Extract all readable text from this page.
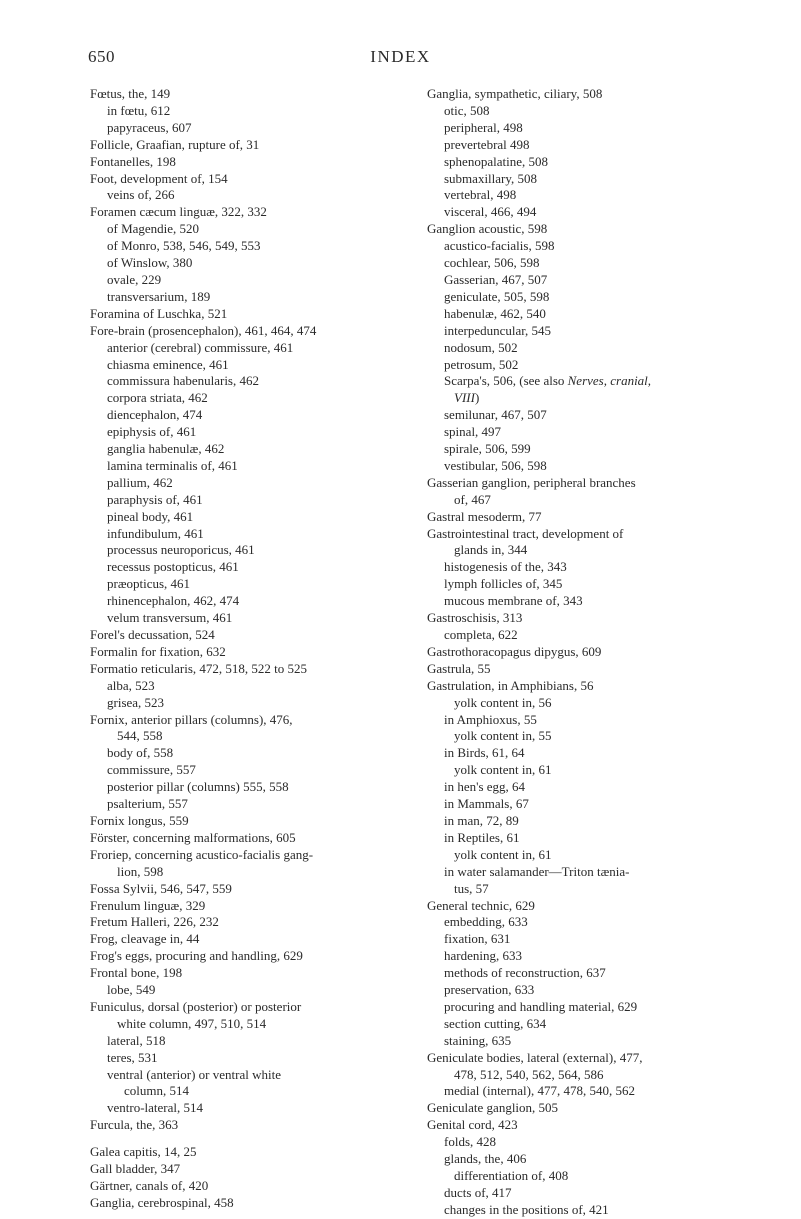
650	INDEX
Fœtus, the, 149
in fœtu, 612
papyraceus, 607
Follicle, Graafian, rupture of, 31
Fontanelles, 198
Foot, development of, 154
veins of, 266
Foramen cæcum linguæ, 322, 332
of Magendie, 520
of Monro, 538, 546, 549, 553
of Winslow, 380
ovale, 229
transversarium, 189
Foramina of Luschka, 521
Fore-brain (prosencephalon), 461, 464, 474
anterior (cerebral) commissure, 461
chiasma eminence, 461
commissura habenularis, 462
corpora striata, 462
diencephalon, 474
epiphysis of, 461
ganglia habenulæ, 462
lamina terminalis of, 461
pallium, 462
paraphysis of, 461
pineal body, 461
infundibulum, 461
processus neuroporicus, 461
recessus postopticus, 461
præopticus, 461
rhinencephalon, 462, 474
velum transversum, 461
Forel's decussation, 524
Formalin for fixation, 632
Formatio reticularis, 472, 518, 522 to 525
alba, 523
grisea, 523
Fornix, anterior pillars (columns), 476,
544, 558
body of, 558
commissure, 557
posterior pillar (columns) 555, 558
psalterium, 557
Fornix longus, 559
Förster, concerning malformations, 605
Froriep, concerning acustico-facialis gang-
lion, 598
Fossa Sylvii, 546, 547, 559
Frenulum linguæ, 329
Fretum Halleri, 226, 232
Frog, cleavage in, 44
Frog's eggs, procuring and handling, 629
Frontal bone, 198
lobe, 549
Funiculus, dorsal (posterior) or posterior
white column, 497, 510, 514
lateral, 518
teres, 531
ventral (anterior) or ventral white
column, 514
ventro-lateral, 514
Furcula, the, 363
Galea capitis, 14, 25
Gall bladder, 347
Gärtner, canals of, 420
Ganglia, cerebrospinal, 458
Ganglia, sympathetic, ciliary, 508
otic, 508
peripheral, 498
prevertebral 498
sphenopalatine, 508
submaxillary, 508
vertebral, 498
visceral, 466, 494
Ganglion acoustic, 598
acustico-facialis, 598
cochlear, 506, 598
Gasserian, 467, 507
geniculate, 505, 598
habenulæ, 462, 540
interpeduncular, 545
nodosum, 502
petrosum, 502
Scarpa's, 506, (see also Nerves, cranial,
VIII)
semilunar, 467, 507
spinal, 497
spirale, 506, 599
vestibular, 506, 598
Gasserian ganglion, peripheral branches
of, 467
Gastral mesoderm, 77
Gastrointestinal tract, development of
glands in, 344
histogenesis of the, 343
lymph follicles of, 345
mucous membrane of, 343
Gastroschisis, 313
completa, 622
Gastrothoracopagus dipygus, 609
Gastrula, 55
Gastrulation, in Amphibians, 56
yolk content in, 56
in Amphioxus, 55
yolk content in, 55
in Birds, 61, 64
yolk content in, 61
in hen's egg, 64
in Mammals, 67
in man, 72, 89
in Reptiles, 61
yolk content in, 61
in water salamander—Triton tænia-
tus, 57
General technic, 629
embedding, 633
fixation, 631
hardening, 633
methods of reconstruction, 637
preservation, 633
procuring and handling material, 629
section cutting, 634
staining, 635
Geniculate bodies, lateral (external), 477,
478, 512, 540, 562, 564, 586
medial (internal), 477, 478, 540, 562
Geniculate ganglion, 505
Genital cord, 423
folds, 428
glands, the, 406
differentiation of, 408
ducts of, 417
changes in the positions of, 421
